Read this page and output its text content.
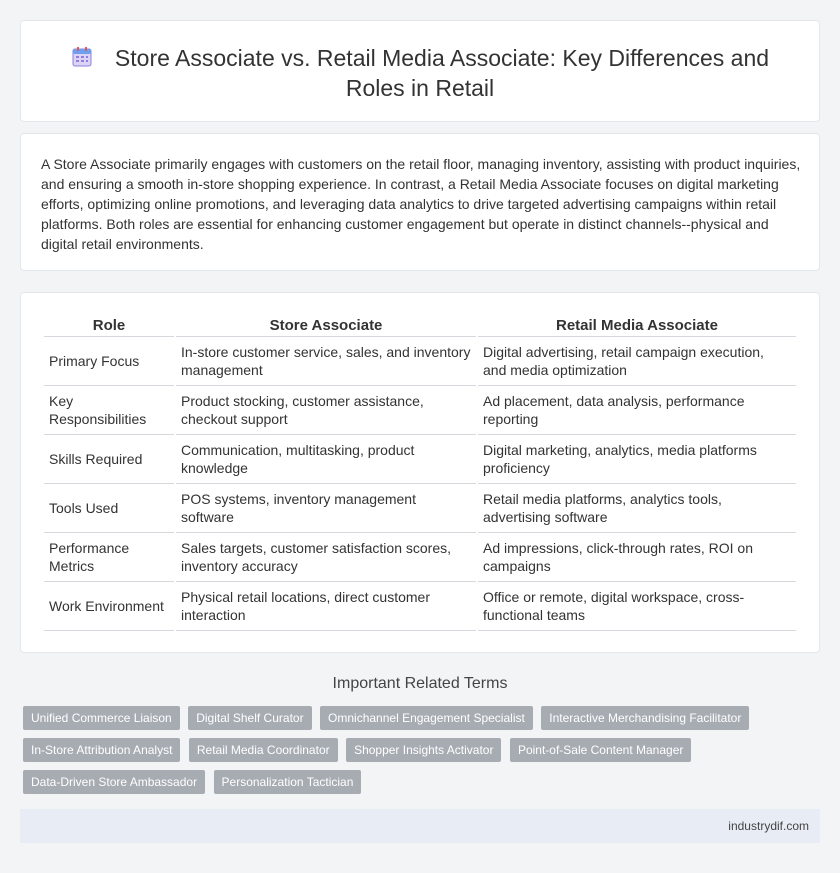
Store Associate vs. Retail Media Associate: Key Differences and Roles in Retail

A Store Associate primarily engages with customers on the retail floor, managing inventory, assisting with product inquiries, and ensuring a smooth in-store shopping experience. In contrast, a Retail Media Associate focuses on digital marketing efforts, optimizing online promotions, and leveraging data analytics to drive targeted advertising campaigns within retail platforms. Both roles are essential for enhancing customer engagement but operate in distinct channels--physical and digital retail environments.

Role	Store Associate	Retail Media Associate
Primary Focus	In-store customer service, sales, and inventory management	Digital advertising, retail campaign execution, and media optimization
Key Responsibilities	Product stocking, customer assistance, checkout support	Ad placement, data analysis, performance reporting
Skills Required	Communication, multitasking, product knowledge	Digital marketing, analytics, media platforms proficiency
Tools Used	POS systems, inventory management software	Retail media platforms, analytics tools, advertising software
Performance Metrics	Sales targets, customer satisfaction scores, inventory accuracy	Ad impressions, click-through rates, ROI on campaigns
Work Environment	Physical retail locations, direct customer interaction	Office or remote, digital workspace, cross-functional teams
Important Related Terms
Unified Commerce Liaison Digital Shelf Curator Omnichannel Engagement Specialist Interactive Merchandising Facilitator In-Store Attribution Analyst Retail Media Coordinator Shopper Insights Activator Point-of-Sale Content Manager Data-Driven Store Ambassador Personalization Tactician
industrydif.com
